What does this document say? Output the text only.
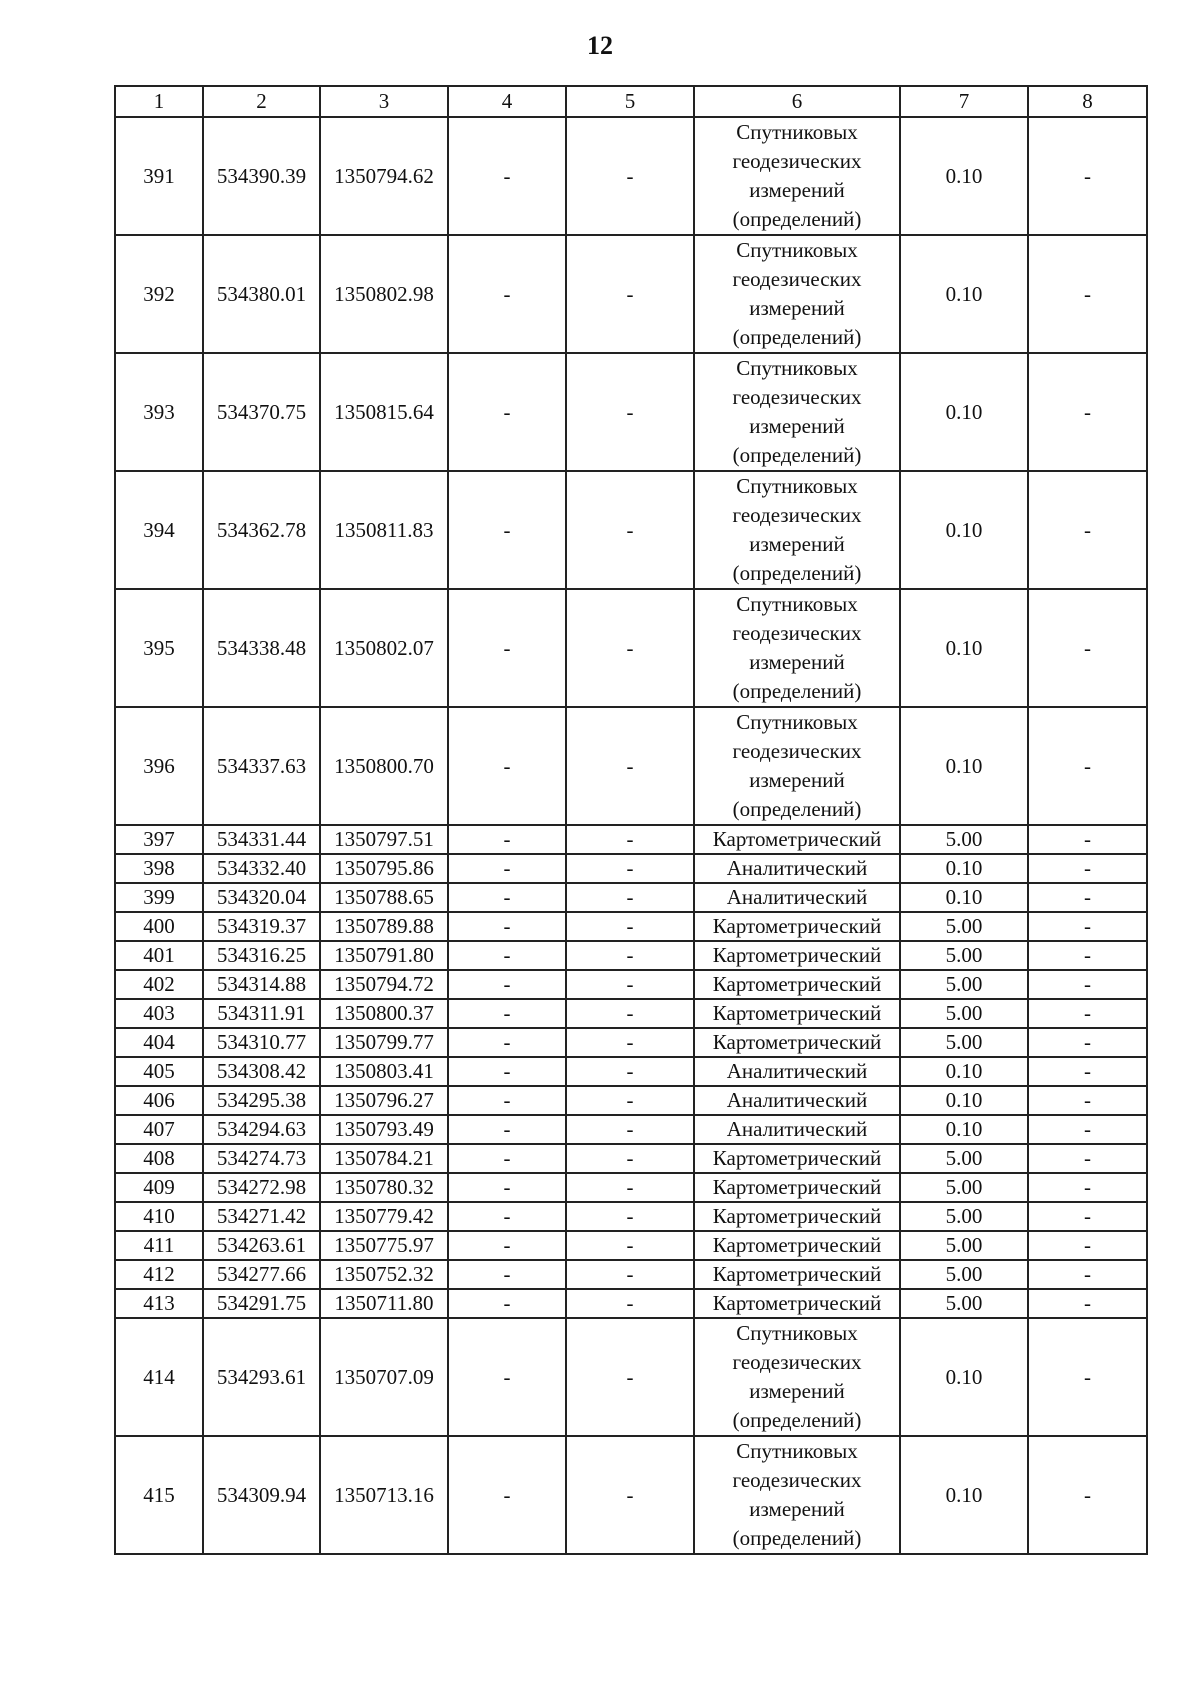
12
1	2	3	4	5	6	7	8
391	534390.39	1350794.62	-	-	Спутниковых
геодезических
измерений
(определений)	0.10	-
392	534380.01	1350802.98	-	-	Спутниковых
геодезических
измерений
(определений)	0.10	-
393	534370.75	1350815.64	-	-	Спутниковых
геодезических
измерений
(определений)	0.10	-
394	534362.78	1350811.83	-	-	Спутниковых
геодезических
измерений
(определений)	0.10	-
395	534338.48	1350802.07	-	-	Спутниковых
геодезических
измерений
(определений)	0.10	-
396	534337.63	1350800.70	-	-	Спутниковых
геодезических
измерений
(определений)	0.10	-
397	534331.44	1350797.51	-	-	Картометрический	5.00	-
398	534332.40	1350795.86	-	-	Аналитический	0.10	-
399	534320.04	1350788.65	-	-	Аналитический	0.10	-
400	534319.37	1350789.88	-	-	Картометрический	5.00	-
401	534316.25	1350791.80	-	-	Картометрический	5.00	-
402	534314.88	1350794.72	-	-	Картометрический	5.00	-
403	534311.91	1350800.37	-	-	Картометрический	5.00	-
404	534310.77	1350799.77	-	-	Картометрический	5.00	-
405	534308.42	1350803.41	-	-	Аналитический	0.10	-
406	534295.38	1350796.27	-	-	Аналитический	0.10	-
407	534294.63	1350793.49	-	-	Аналитический	0.10	-
408	534274.73	1350784.21	-	-	Картометрический	5.00	-
409	534272.98	1350780.32	-	-	Картометрический	5.00	-
410	534271.42	1350779.42	-	-	Картометрический	5.00	-
411	534263.61	1350775.97	-	-	Картометрический	5.00	-
412	534277.66	1350752.32	-	-	Картометрический	5.00	-
413	534291.75	1350711.80	-	-	Картометрический	5.00	-
414	534293.61	1350707.09	-	-	Спутниковых
геодезических
измерений
(определений)	0.10	-
415	534309.94	1350713.16	-	-	Спутниковых
геодезических
измерений
(определений)	0.10	-
